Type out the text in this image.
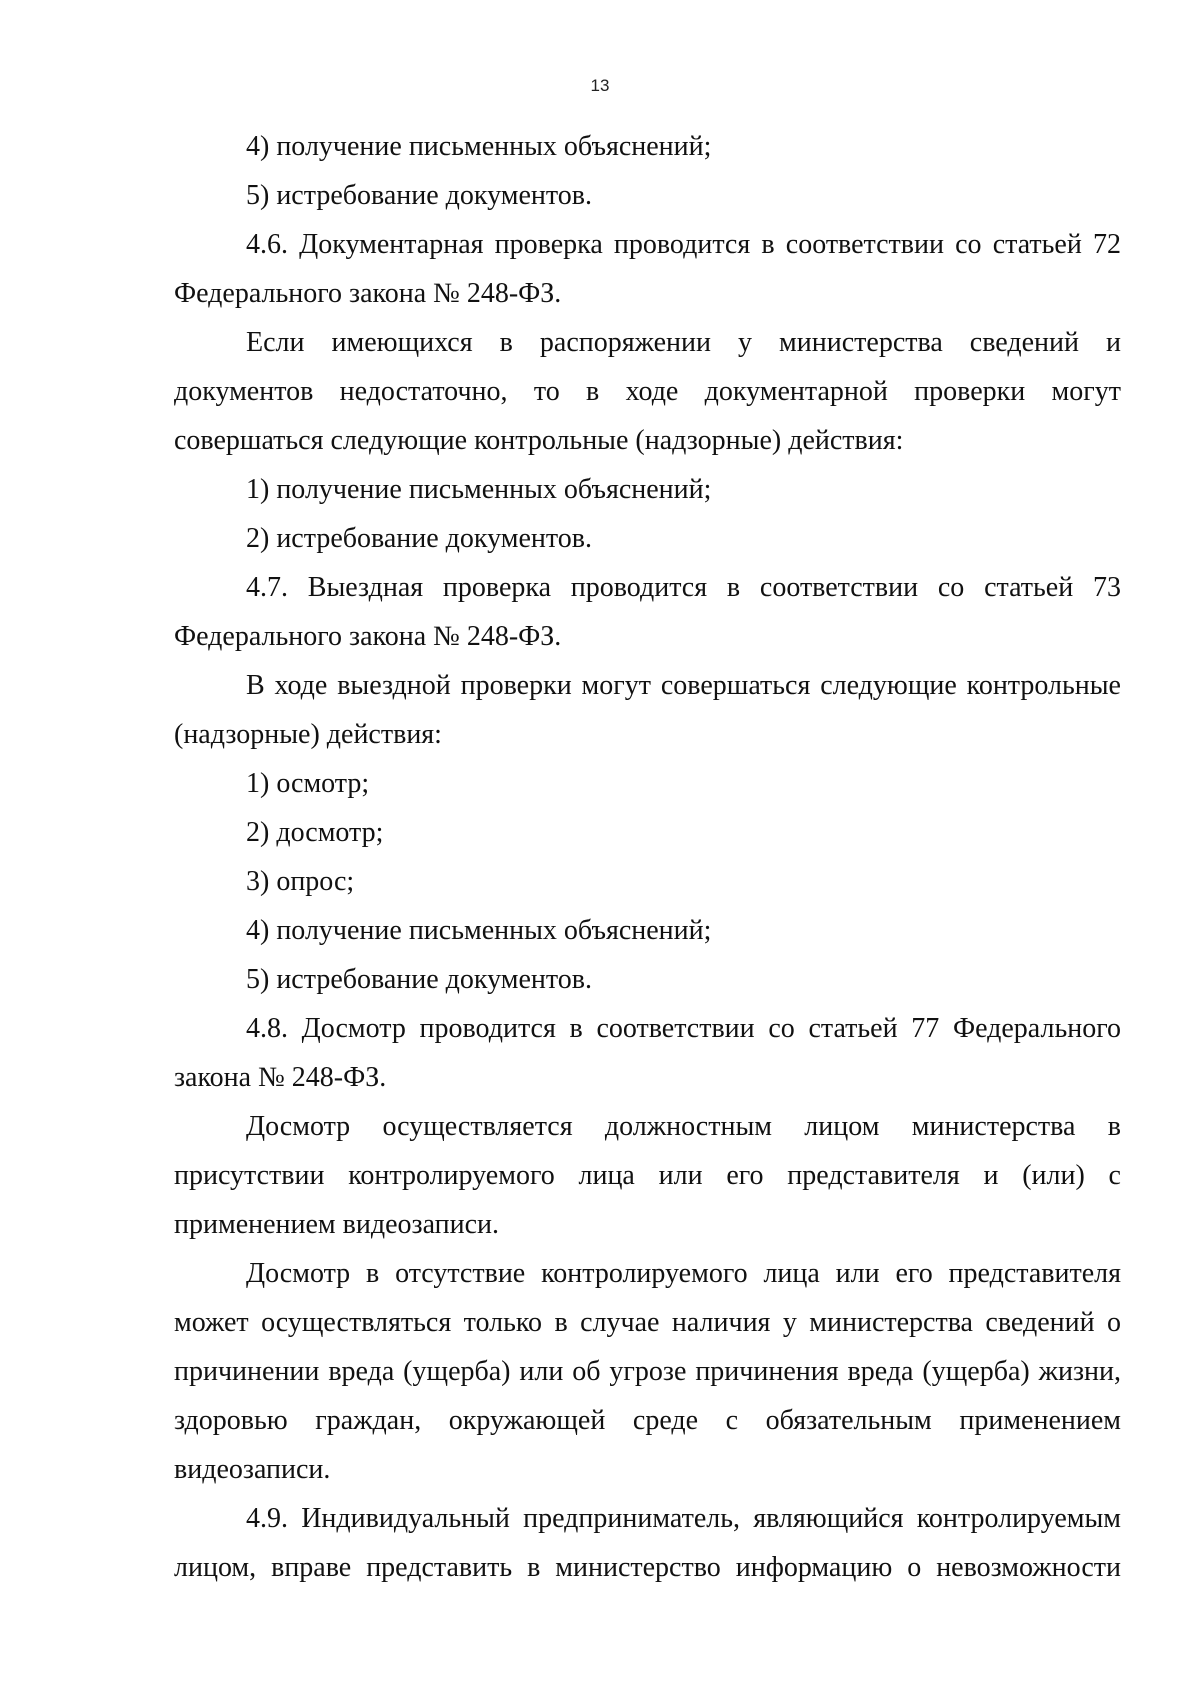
13

4) получение письменных объяснений;

5) истребование документов.

4.6. Документарная проверка проводится в соответствии со статьей 72 Федерального закона № 248-ФЗ.

Если имеющихся в распоряжении у министерства сведений и документов недостаточно, то в ходе документарной проверки могут совершаться следующие контрольные (надзорные) действия:

1) получение письменных объяснений;

2) истребование документов.

4.7. Выездная проверка проводится в соответствии со статьей 73 Федерального закона № 248-ФЗ.

В ходе выездной проверки могут совершаться следующие контрольные (надзорные) действия:

1) осмотр;

2) досмотр;

3) опрос;

4) получение письменных объяснений;

5) истребование документов.

4.8. Досмотр проводится в соответствии со статьей 77 Федерального закона № 248-ФЗ.

Досмотр осуществляется должностным лицом министерства в присутствии контролируемого лица или его представителя и (или) с применением видеозаписи.

Досмотр в отсутствие контролируемого лица или его представителя может осуществляться только в случае наличия у министерства сведений о причинении вреда (ущерба) или об угрозе причинения вреда (ущерба) жизни, здоровью граждан, окружающей среде с обязательным применением видеозаписи.

4.9. Индивидуальный предприниматель, являющийся контролируемым лицом, вправе представить в министерство информацию о невозможности
